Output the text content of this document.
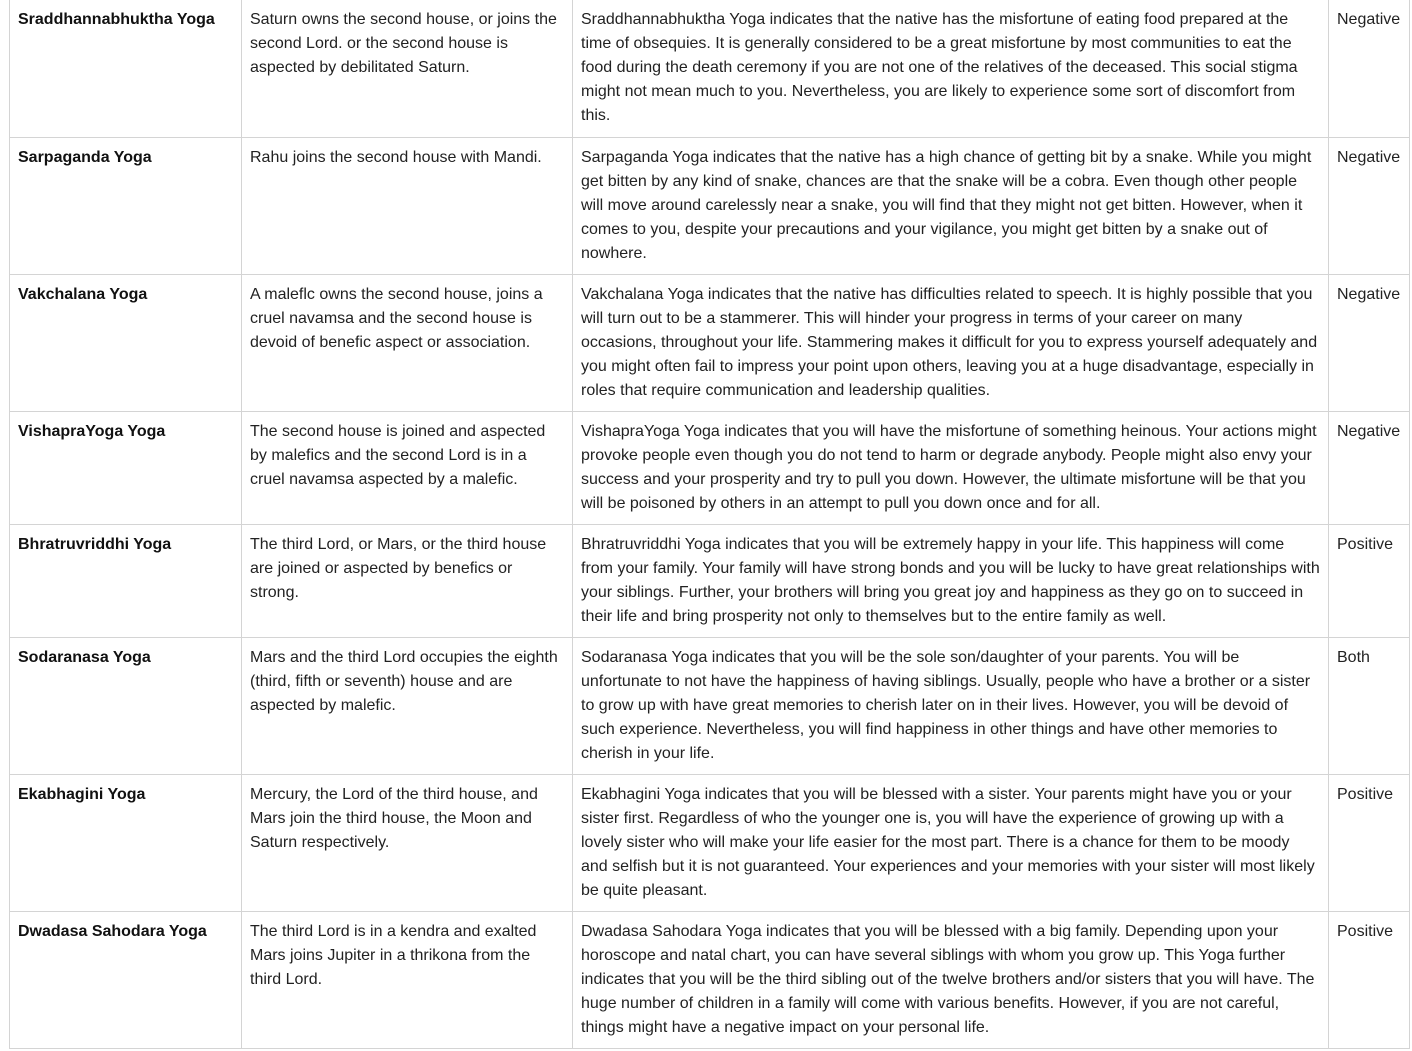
Sraddhannabhuktha Yoga	Saturn owns the second house, or joins the second Lord. or the second house is aspected by debilitated Saturn.	Sraddhannabhuktha Yoga indicates that the native has the misfortune of eating food prepared at the time of obsequies. It is generally considered to be a great misfortune by most communities to eat the food during the death ceremony if you are not one of the relatives of the deceased. This social stigma might not mean much to you. Nevertheless, you are likely to experience some sort of discomfort from this.	Negative
Sarpaganda Yoga	Rahu joins the second house with Mandi.	Sarpaganda Yoga indicates that the native has a high chance of getting bit by a snake. While you might get bitten by any kind of snake, chances are that the snake will be a cobra. Even though other people will move around carelessly near a snake, you will find that they might not get bitten. However, when it comes to you, despite your precautions and your vigilance, you might get bitten by a snake out of nowhere.	Negative
Vakchalana Yoga	A maleflc owns the second house, joins a cruel navamsa and the second house is devoid of benefic aspect or association.	Vakchalana Yoga indicates that the native has difficulties related to speech. It is highly possible that you will turn out to be a stammerer. This will hinder your progress in terms of your career on many occasions, throughout your life. Stammering makes it difficult for you to express yourself adequately and you might often fail to impress your point upon others, leaving you at a huge disadvantage, especially in roles that require communication and leadership qualities.	Negative
VishapraYoga Yoga	The second house is joined and aspected by malefics and the second Lord is in a cruel navamsa aspected by a malefic.	VishapraYoga Yoga indicates that you will have the misfortune of something heinous. Your actions might provoke people even though you do not tend to harm or degrade anybody. People might also envy your success and your prosperity and try to pull you down. However, the ultimate misfortune will be that you will be poisoned by others in an attempt to pull you down once and for all.	Negative
Bhratruvriddhi Yoga	The third Lord, or Mars, or the third house are joined or aspected by benefics or strong.	Bhratruvriddhi Yoga indicates that you will be extremely happy in your life. This happiness will come from your family. Your family will have strong bonds and you will be lucky to have great relationships with your siblings. Further, your brothers will bring you great joy and happiness as they go on to succeed in their life and bring prosperity not only to themselves but to the entire family as well.	Positive
Sodaranasa Yoga	Mars and the third Lord occupies the eighth (third, fifth or seventh) house and are aspected by malefic.	Sodaranasa Yoga indicates that you will be the sole son/daughter of your parents. You will be unfortunate to not have the happiness of having siblings. Usually, people who have a brother or a sister to grow up with have great memories to cherish later on in their lives. However, you will be devoid of such experience. Nevertheless, you will find happiness in other things and have other memories to cherish in your life.	Both
Ekabhagini Yoga	Mercury, the Lord of the third house, and Mars join the third house, the Moon and Saturn respectively.	Ekabhagini Yoga indicates that you will be blessed with a sister. Your parents might have you or your sister first. Regardless of who the younger one is, you will have the experience of growing up with a lovely sister who will make your life easier for the most part. There is a chance for them to be moody and selfish but it is not guaranteed. Your experiences and your memories with your sister will most likely be quite pleasant.	Positive
Dwadasa Sahodara Yoga	The third Lord is in a kendra and exalted Mars joins Jupiter in a thrikona from the third Lord.	Dwadasa Sahodara Yoga indicates that you will be blessed with a big family. Depending upon your horoscope and natal chart, you can have several siblings with whom you grow up. This Yoga further indicates that you will be the third sibling out of the twelve brothers and/or sisters that you will have. The huge number of children in a family will come with various benefits. However, if you are not careful, things might have a negative impact on your personal life.	Positive
